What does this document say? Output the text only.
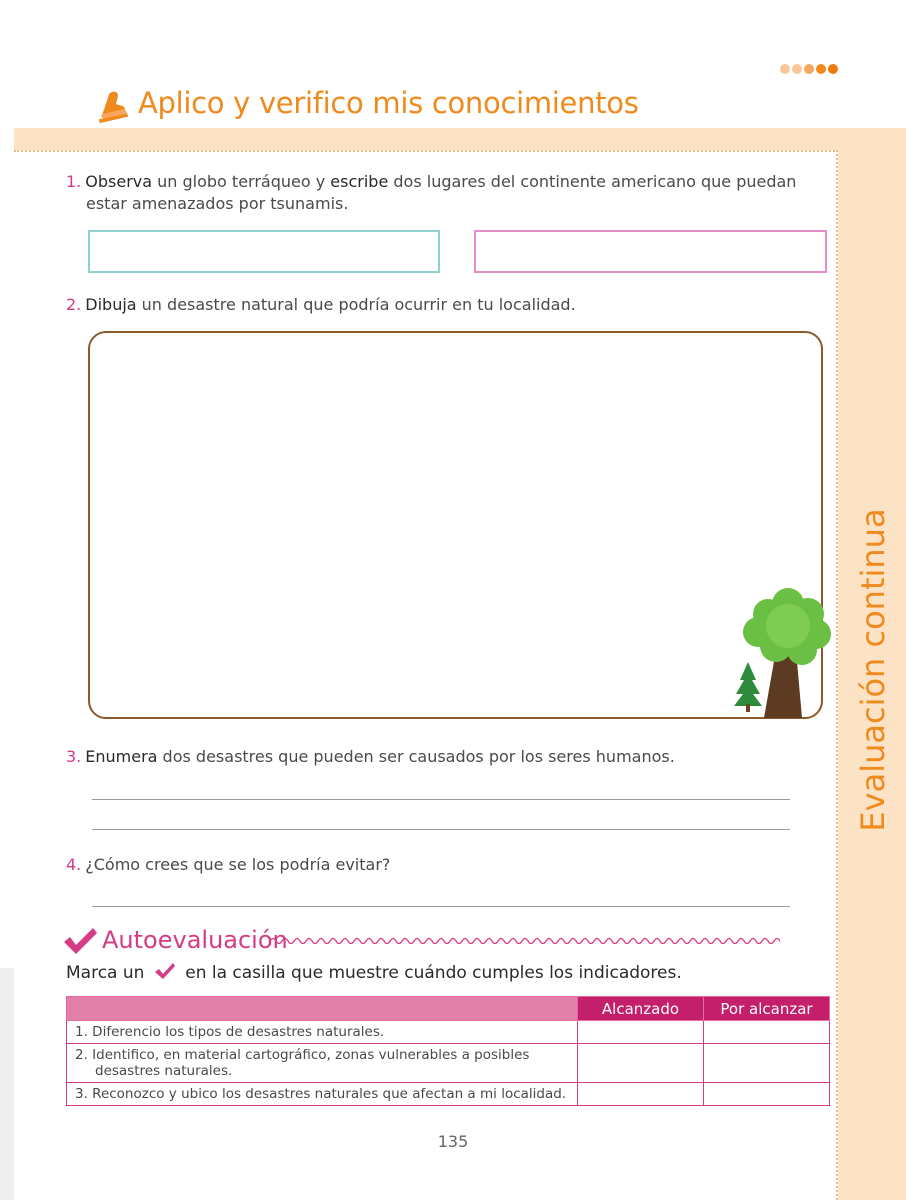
Aplico y verifico mis conocimientos
Evaluación continua
1. Observa un globo terráqueo y escribe dos lugares del continente americano que puedan
estar amenazados por tsunamis.
2. Dibuja un desastre natural que podría ocurrir en tu localidad.
3. Enumera dos desastres que pueden ser causados por los seres humanos.
4. ¿Cómo crees que se los podría evitar?
Autoevaluación
Marca un en la casilla que muestre cuándo cumples los indicadores.
	Alcanzado	Por alcanzar
1. Diferencio los tipos de desastres naturales.		
2. Identifico, en material cartográfico, zonas vulnerables a posibles
desastres naturales.		
3. Reconozco y ubico los desastres naturales que afectan a mi localidad.		
135
